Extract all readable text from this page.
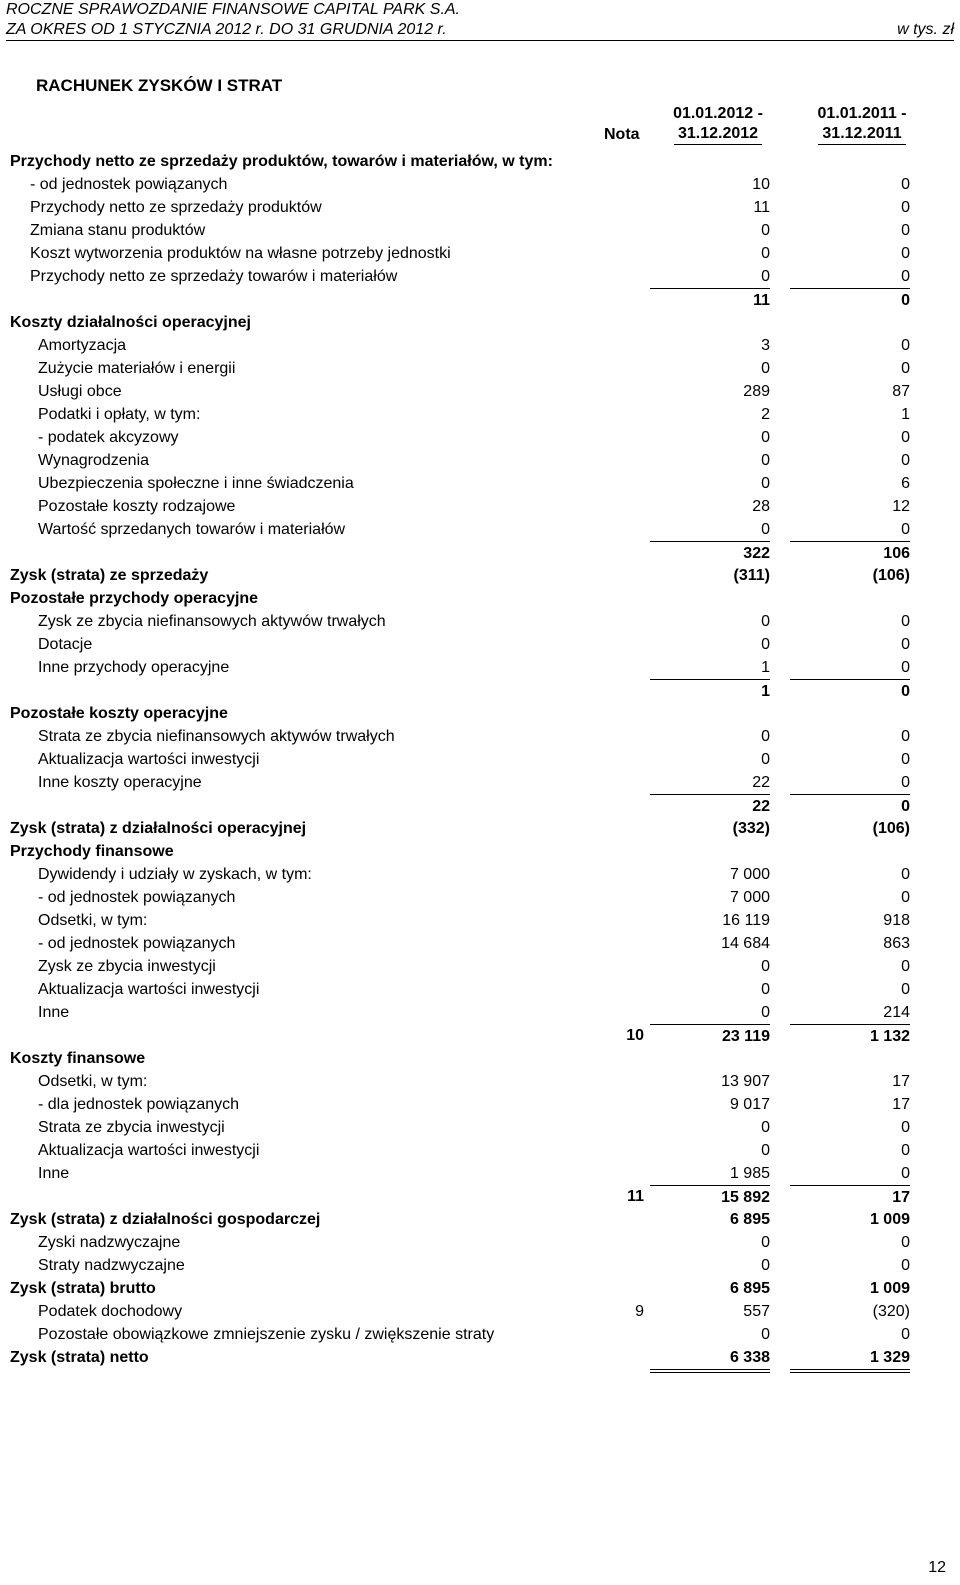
ROCZNE SPRAWOZDANIE FINANSOWE CAPITAL PARK S.A.
ZA OKRES OD 1 STYCZNIA 2012 r. DO 31 GRUDNIA 2012 r.	w tys. zł
RACHUNEK ZYSKÓW I STRAT
01.01.2012 -
31.12.2012
01.01.2011 -
31.12.2011
Nota
Przychody netto ze sprzedaży produktów, towarów i materiałów, w tym:
- od jednostek powiązanych	10	0
Przychody netto ze sprzedaży produktów	11	0
Zmiana stanu produktów	0	0
Koszt wytworzenia produktów na własne potrzeby jednostki	0	0
Przychody netto ze sprzedaży towarów i materiałów	0	0
11	0
Koszty działalności operacyjnej
Amortyzacja	3	0
Zużycie materiałów i energii	0	0
Usługi obce	289	87
Podatki i opłaty, w tym:	2	1
- podatek akcyzowy	0	0
Wynagrodzenia	0	0
Ubezpieczenia społeczne i inne świadczenia	0	6
Pozostałe koszty rodzajowe	28	12
Wartość sprzedanych towarów i materiałów	0	0
322	106
Zysk (strata) ze sprzedaży	(311)	(106)
Pozostałe przychody operacyjne
Zysk ze zbycia niefinansowych aktywów trwałych	0	0
Dotacje	0	0
Inne przychody operacyjne	1	0
1	0
Pozostałe koszty operacyjne
Strata ze zbycia niefinansowych aktywów trwałych	0	0
Aktualizacja wartości inwestycji	0	0
Inne koszty operacyjne	22	0
22	0
Zysk (strata) z działalności operacyjnej	(332)	(106)
Przychody finansowe
Dywidendy i udziały w zyskach, w tym:	7 000	0
- od jednostek powiązanych	7 000	0
Odsetki, w tym:	16 119	918
- od jednostek powiązanych	14 684	863
Zysk ze zbycia inwestycji	0	0
Aktualizacja wartości inwestycji	0	0
Inne	0	214
10	23 119	1 132
Koszty finansowe
Odsetki, w tym:	13 907	17
- dla jednostek powiązanych	9 017	17
Strata ze zbycia inwestycji	0	0
Aktualizacja wartości inwestycji	0	0
Inne	1 985	0
11	15 892	17
Zysk (strata) z działalności gospodarczej	6 895	1 009
Zyski nadzwyczajne	0	0
Straty nadzwyczajne	0	0
Zysk (strata) brutto	6 895	1 009
Podatek dochodowy	9	557	(320)
Pozostałe obowiązkowe zmniejszenie zysku / zwiększenie straty	0	0
Zysk (strata) netto	6 338	1 329
12
